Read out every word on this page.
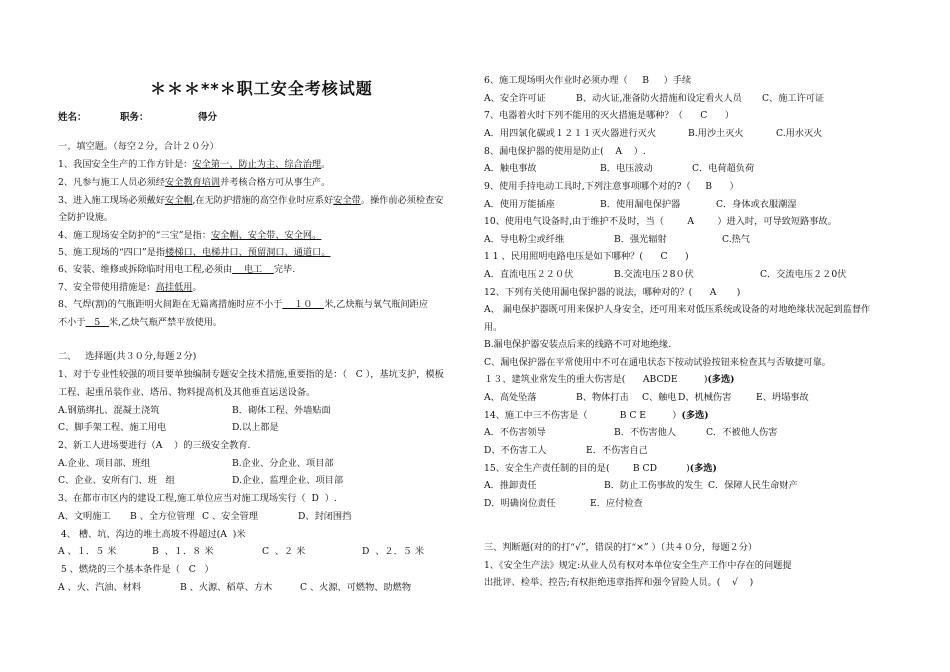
＊＊＊**＊职工安全考核试题
姓名：	职务：	得分
一、填空题。（每空２分，合计２０分）
1、我国安全生产的工作方针是：安全第一、防止为主、综合治理。
2、凡参与施工人员必须经安全教育培训并考核合格方可从事生产。
3、进入施工现场必须戴好安全帽,在无防护措施的高空作业时应系好安全带。操作前必须检查安
全防护设施。
4、施工现场安全防护的“三宝”是指：安全帽、安全带、安全网。
5、施工现场的“四口”是指楼梯口、电梯井口、预留洞口、通道口。
6、安装、维修或拆除临时用电工程,必须由    电工    完毕.
7、安全带使用措施是：高挂低用。
8、气焊(割)的气瓶距明火间距在无篇离措施时应不小于    １０    米,乙炔瓶与氧气瓶间距应
不小于   5   米,乙炔气瓶严禁平放使用。
二、   选择题(共３０分,每题２分)
1、对于专业性较强的项目要单独编制专题安全技术措施,重要指的是：（   C ），基坑支护，模板
工程、起重吊装作业、塔吊、物料提高机及其他垂直运送设备。
A.钢筋绑扎、混凝土浇筑	B．砌体工程、外墙贴面
C、脚手架工程、施工用电	D.以上都是
2、新工人进场要进行（A    ）的三级安全教育.
A.企业、项目部、班组	B.企业、分企业、项目部
C、企业、安所有门、班   组	D.企业、监理企业、项目部
3、在都市市区内的建设工程,施工单位应当对施工现场实行（  D  ）.
A、文明施工 B 、全方位管理 C 、安全管理	D、封闭围挡
4、 槽、坑、沟边的堆土高坡不得超过(A  )米
A 、１．５ 米	B  、１．８ 米	C  、２ 米	D  、２．５ 米
5 、燃烧的三个基本条件是（   C   ）
A 、火、汽油、材料	B 、火源、稻草、方木	C 、火源、可燃物、助燃物
6、施工现场明火作业时必须办理（     B     ）手续
A、安全许可证	B、动火证,准备防火措施和设定看火人员 C、施工许可证
7、电器着火时下列不能用的灭火措施是哪种？（      C      ）
A．用四氯化碳或１２１１灭火器进行灭火	B.用沙土灭火	C.用水灭火
8、漏电保护器的使用是防止(    A    ）.
A．触电事故	B．电压波动	C．电荷超负荷
9、使用手持电动工具时,下列注意事项哪个对的?（     B      ）
A．使用万能插座	B．使用漏电保护器	C．身体或衣服潮湿
10、使用电气设备时,由于维护不及时，当（        A        ）进入时，可导致短路事故。
A．导电粉尘或纤维	B．强光辐射	C.热气
1 1 、民用照明电路电压是如下哪种？(      C      )
A．直流电压２２０伏	B.交流电压２8０伏	C．交流电压２２0伏
12、下列有关使用漏电保护器的说法，哪种对的？(      A       )
A、 漏电保护器既可用来保护人身安全，还可用来对低压系统或设备的对地绝缘状况起到监督作
用。
B.漏电保护器安装点后来的线路不可对地绝缘.
C、漏电保护器在平常使用中不可在通电状态下按动试验按钮来检查其与否敏捷可靠。
１３、建筑业常发生的重大伤害是(      ABCDE         )(多选)
A、高处坠落	B、物体打击 C、触电 D、机械伤害	E、坍塌事故
14、施工中三不伤害是（           B C E         ）(多选)
A．不伤害领导	B．不伤害他人	C．不被他人伤害
D、不伤害工人	E．不伤害自己
15、安全生产责任制的目的是(        B CD          )(多选)
A．推卸责任	B．防止工伤事故的发生 C．保障人民生命财产
D．明确岗位责任	E．应付检查
三、判断题(对的的打“√”，错误的打“×” ）（共４０分，每题２分）
1、《安全生产法》规定:从业人员有权对本单位安全生产工作中存在的问题提
出批评、检举、控告;有权拒绝违章指挥和强令冒险人员。(    √    )
